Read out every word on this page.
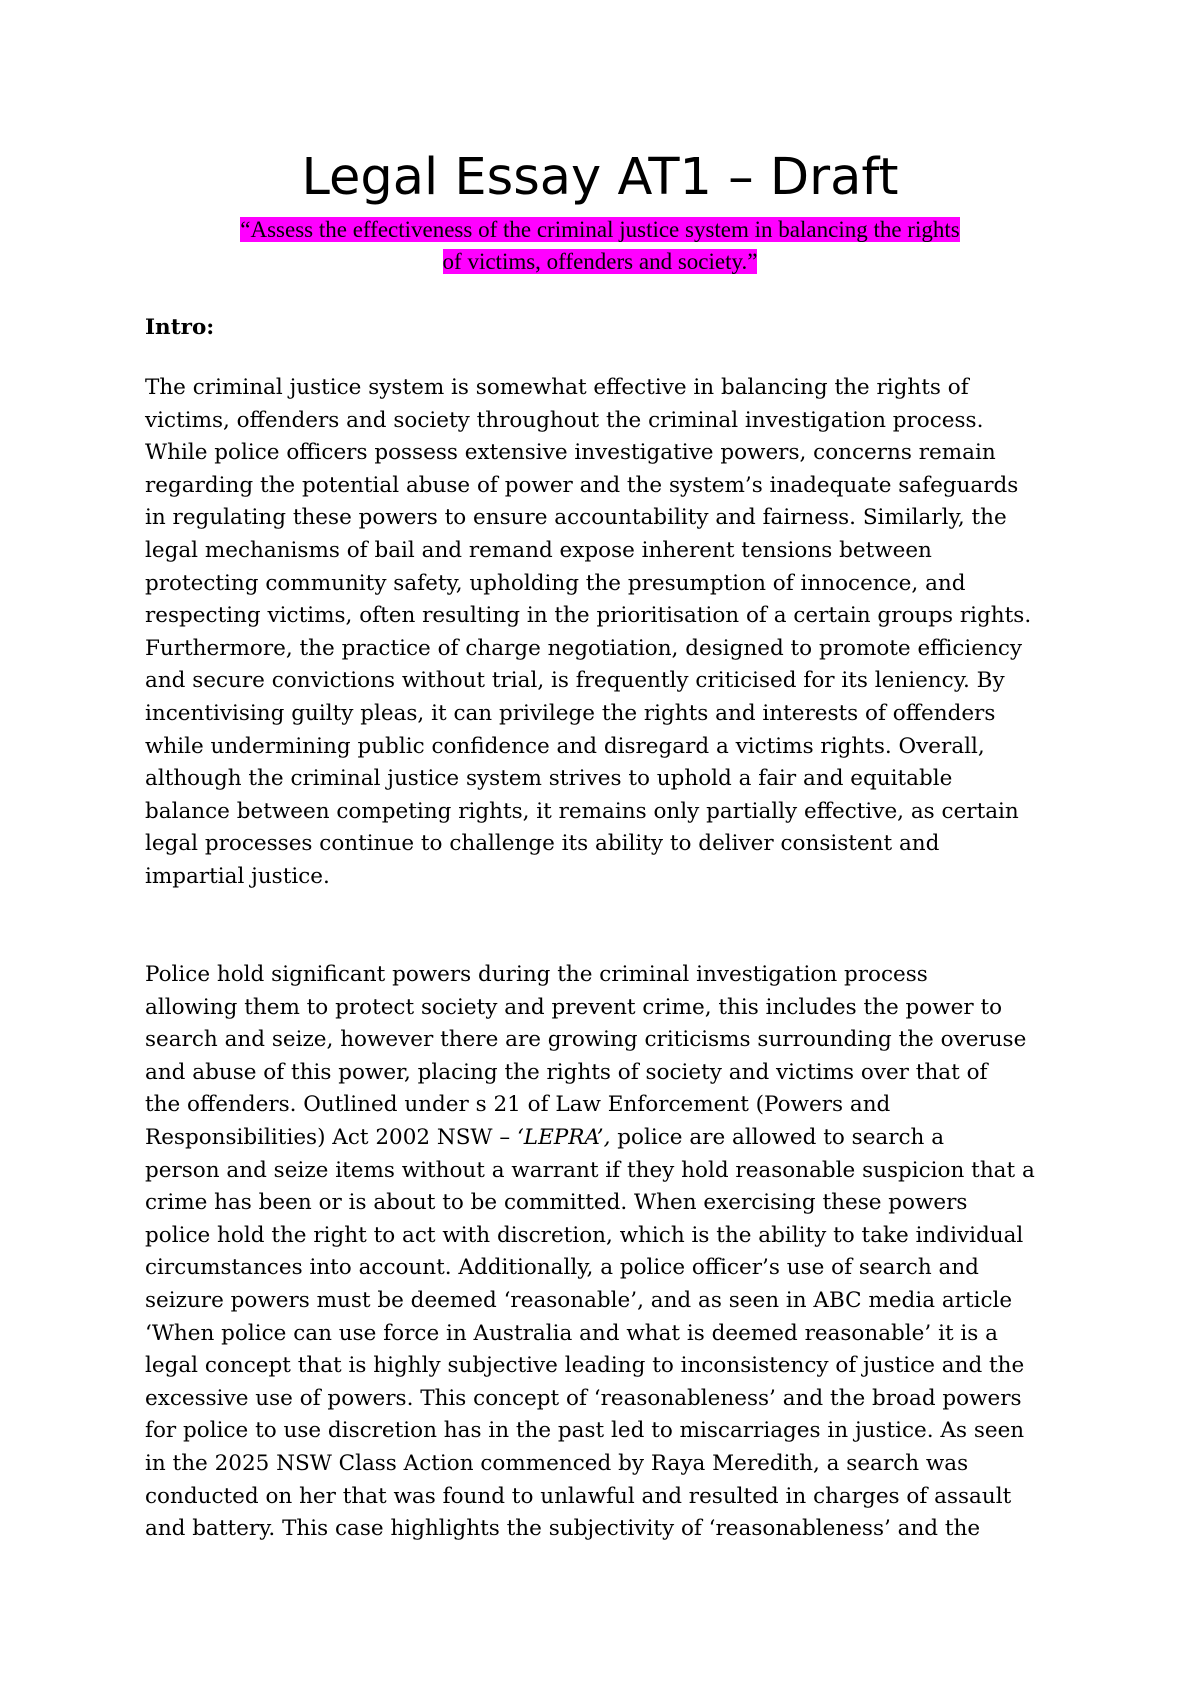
Legal Essay AT1 – Draft
“Assess the effectiveness of the criminal justice system in balancing the rights
of victims, offenders and society.”
Intro:
The criminal justice system is somewhat effective in balancing the rights of
victims, offenders and society throughout the criminal investigation process.
While police officers possess extensive investigative powers, concerns remain
regarding the potential abuse of power and the system’s inadequate safeguards
in regulating these powers to ensure accountability and fairness. Similarly, the
legal mechanisms of bail and remand expose inherent tensions between
protecting community safety, upholding the presumption of innocence, and
respecting victims, often resulting in the prioritisation of a certain groups rights.
Furthermore, the practice of charge negotiation, designed to promote efficiency
and secure convictions without trial, is frequently criticised for its leniency. By
incentivising guilty pleas, it can privilege the rights and interests of offenders
while undermining public confidence and disregard a victims rights. Overall,
although the criminal justice system strives to uphold a fair and equitable
balance between competing rights, it remains only partially effective, as certain
legal processes continue to challenge its ability to deliver consistent and
impartial justice.
Police hold significant powers during the criminal investigation process
allowing them to protect society and prevent crime, this includes the power to
search and seize, however there are growing criticisms surrounding the overuse
and abuse of this power, placing the rights of society and victims over that of
the offenders. Outlined under s 21 of Law Enforcement (Powers and
Responsibilities) Act 2002 NSW – ‘LEPRA’, police are allowed to search a
person and seize items without a warrant if they hold reasonable suspicion that a
crime has been or is about to be committed. When exercising these powers
police hold the right to act with discretion, which is the ability to take individual
circumstances into account. Additionally, a police officer’s use of search and
seizure powers must be deemed ‘reasonable’, and as seen in ABC media article
‘When police can use force in Australia and what is deemed reasonable’ it is a
legal concept that is highly subjective leading to inconsistency of justice and the
excessive use of powers. This concept of ‘reasonableness’ and the broad powers
for police to use discretion has in the past led to miscarriages in justice. As seen
in the 2025 NSW Class Action commenced by Raya Meredith, a search was
conducted on her that was found to unlawful and resulted in charges of assault
and battery. This case highlights the subjectivity of ‘reasonableness’ and the
